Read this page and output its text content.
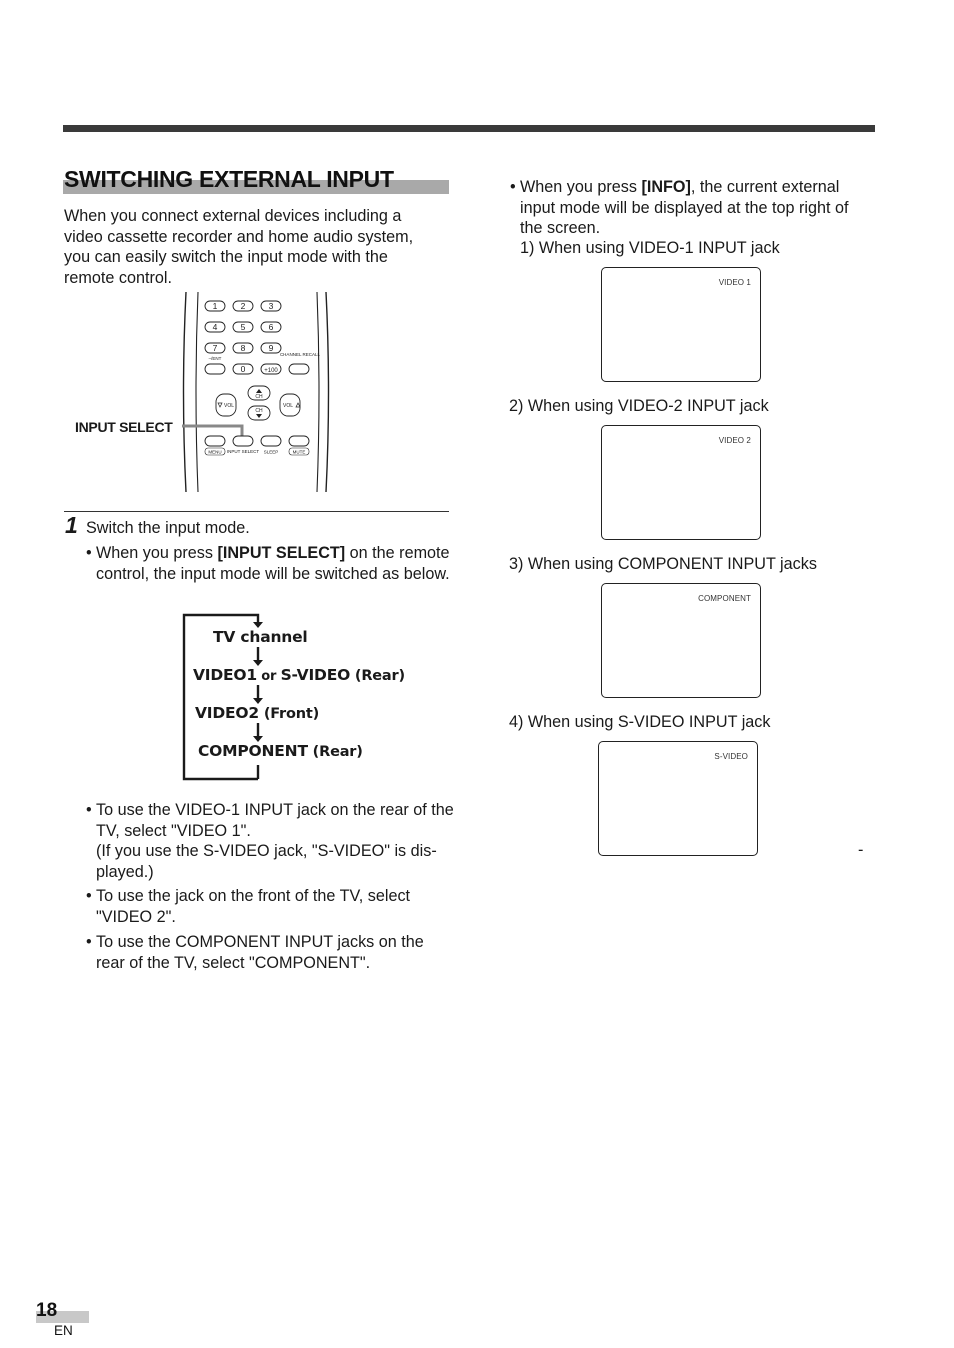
SWITCHING EXTERNAL INPUT
When you connect external devices including a video cassette recorder and home audio system, you can easily switch the input mode with the remote control.
INPUT SELECT
1	2	3
4	5	6
7	8	9
–/ENT
CHANNEL RECALL
0	+100
CH
CH
VOL	VOL
MENU INPUT SELECT SLEEP	MUTE
1 Switch the input mode.
• When you press [INPUT SELECT] on the remote control, the input mode will be switched as below.
TV channel
VIDEO1 or S-VIDEO (Rear)
VIDEO2 (Front)
COMPONENT (Rear)
• To use the VIDEO-1 INPUT jack on the rear of the TV, select "VIDEO 1".
(If you use the S-VIDEO jack, "S-VIDEO" is dis-played.)
• To use the jack on the front of the TV, select "VIDEO 2".
• To use the COMPONENT INPUT jacks on the rear of the TV, select "COMPONENT".
• When you press [INFO], the current external input mode will be displayed at the top right of the screen.
1) When using VIDEO-1 INPUT jack
VIDEO 1
2) When using VIDEO-2 INPUT jack
VIDEO 2
3) When using COMPONENT INPUT jacks
COMPONENT
4) When using S-VIDEO INPUT jack
S-VIDEO
-
18
EN
